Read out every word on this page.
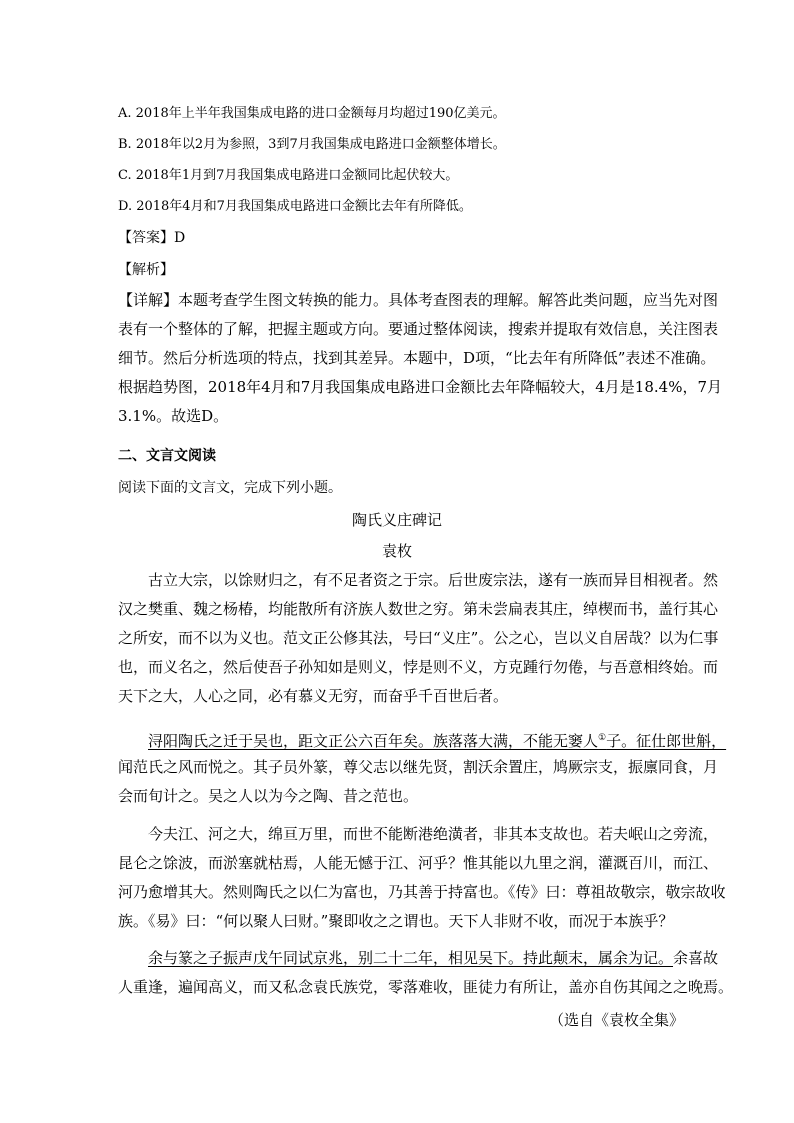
A. 2018年上半年我国集成电路的进口金额每月均超过190亿美元。
B. 2018年以2月为参照，3到7月我国集成电路进口金额整体增长。
C. 2018年1月到7月我国集成电路进口金额同比起伏较大。
D. 2018年4月和7月我国集成电路进口金额比去年有所降低。
【答案】D
【解析】
【详解】本题考查学生图文转换的能力。具体考查图表的理解。解答此类问题，应当先对图
表有一个整体的了解，把握主题或方向。要通过整体阅读，搜索并提取有效信息，关注图表
细节。然后分析选项的特点，找到其差异。本题中，D项，“比去年有所降低”表述不准确。
根据趋势图，2018年4月和7月我国集成电路进口金额比去年降幅较大，4月是18.4%，7月
3.1%。故选D。
二、文言文阅读
阅读下面的文言文，完成下列小题。
陶氏义庄碑记
袁枚
古立大宗，以馀财归之，有不足者资之于宗。后世废宗法，遂有一族而异目相视者。然
汉之樊重、魏之杨椿，均能散所有济族人数世之穷。第未尝扁表其庄，绰楔而书，盖行其心
之所安，而不以为义也。范文正公修其法，号曰“义庄”。公之心，岂以义自居哉？以为仁事
也，而义名之，然后使吾子孙知如是则义，悖是则不义，方克踵行勿倦，与吾意相终始。而
天下之大，人心之同，必有慕义无穷，而奋乎千百世后者。
浔阳陶氏之迁于吴也，距文正公六百年矣。族落落大满，不能无窭人①子。征仕郎世斛，
闻范氏之风而悦之。其子员外篆，尊父志以继先贤，割沃余置庄，鸠厥宗支，振廪同食，月
会而旬计之。吴之人以为今之陶、昔之范也。
今夫江、河之大，绵亘万里，而世不能断港绝潢者，非其本支故也。若夫岷山之旁流，
昆仑之馀波，而淤塞就枯焉，人能无憾于江、河乎？惟其能以九里之润，灌溉百川，而江、
河乃愈增其大。然则陶氏之以仁为富也，乃其善于持富也。《传》曰：尊祖故敬宗，敬宗故收
族。《易》曰：“何以聚人曰财。”聚即收之之谓也。天下人非财不收，而况于本族乎？
余与篆之子振声戊午同试京兆，别二十二年，相见吴下。持此颠末，属余为记。余喜故
人重逢，遍闻高义，而又私念袁氏族党，零落难收，匪徒力有所让，盖亦自伤其闻之之晚焉。
（选自《袁枚全集》
